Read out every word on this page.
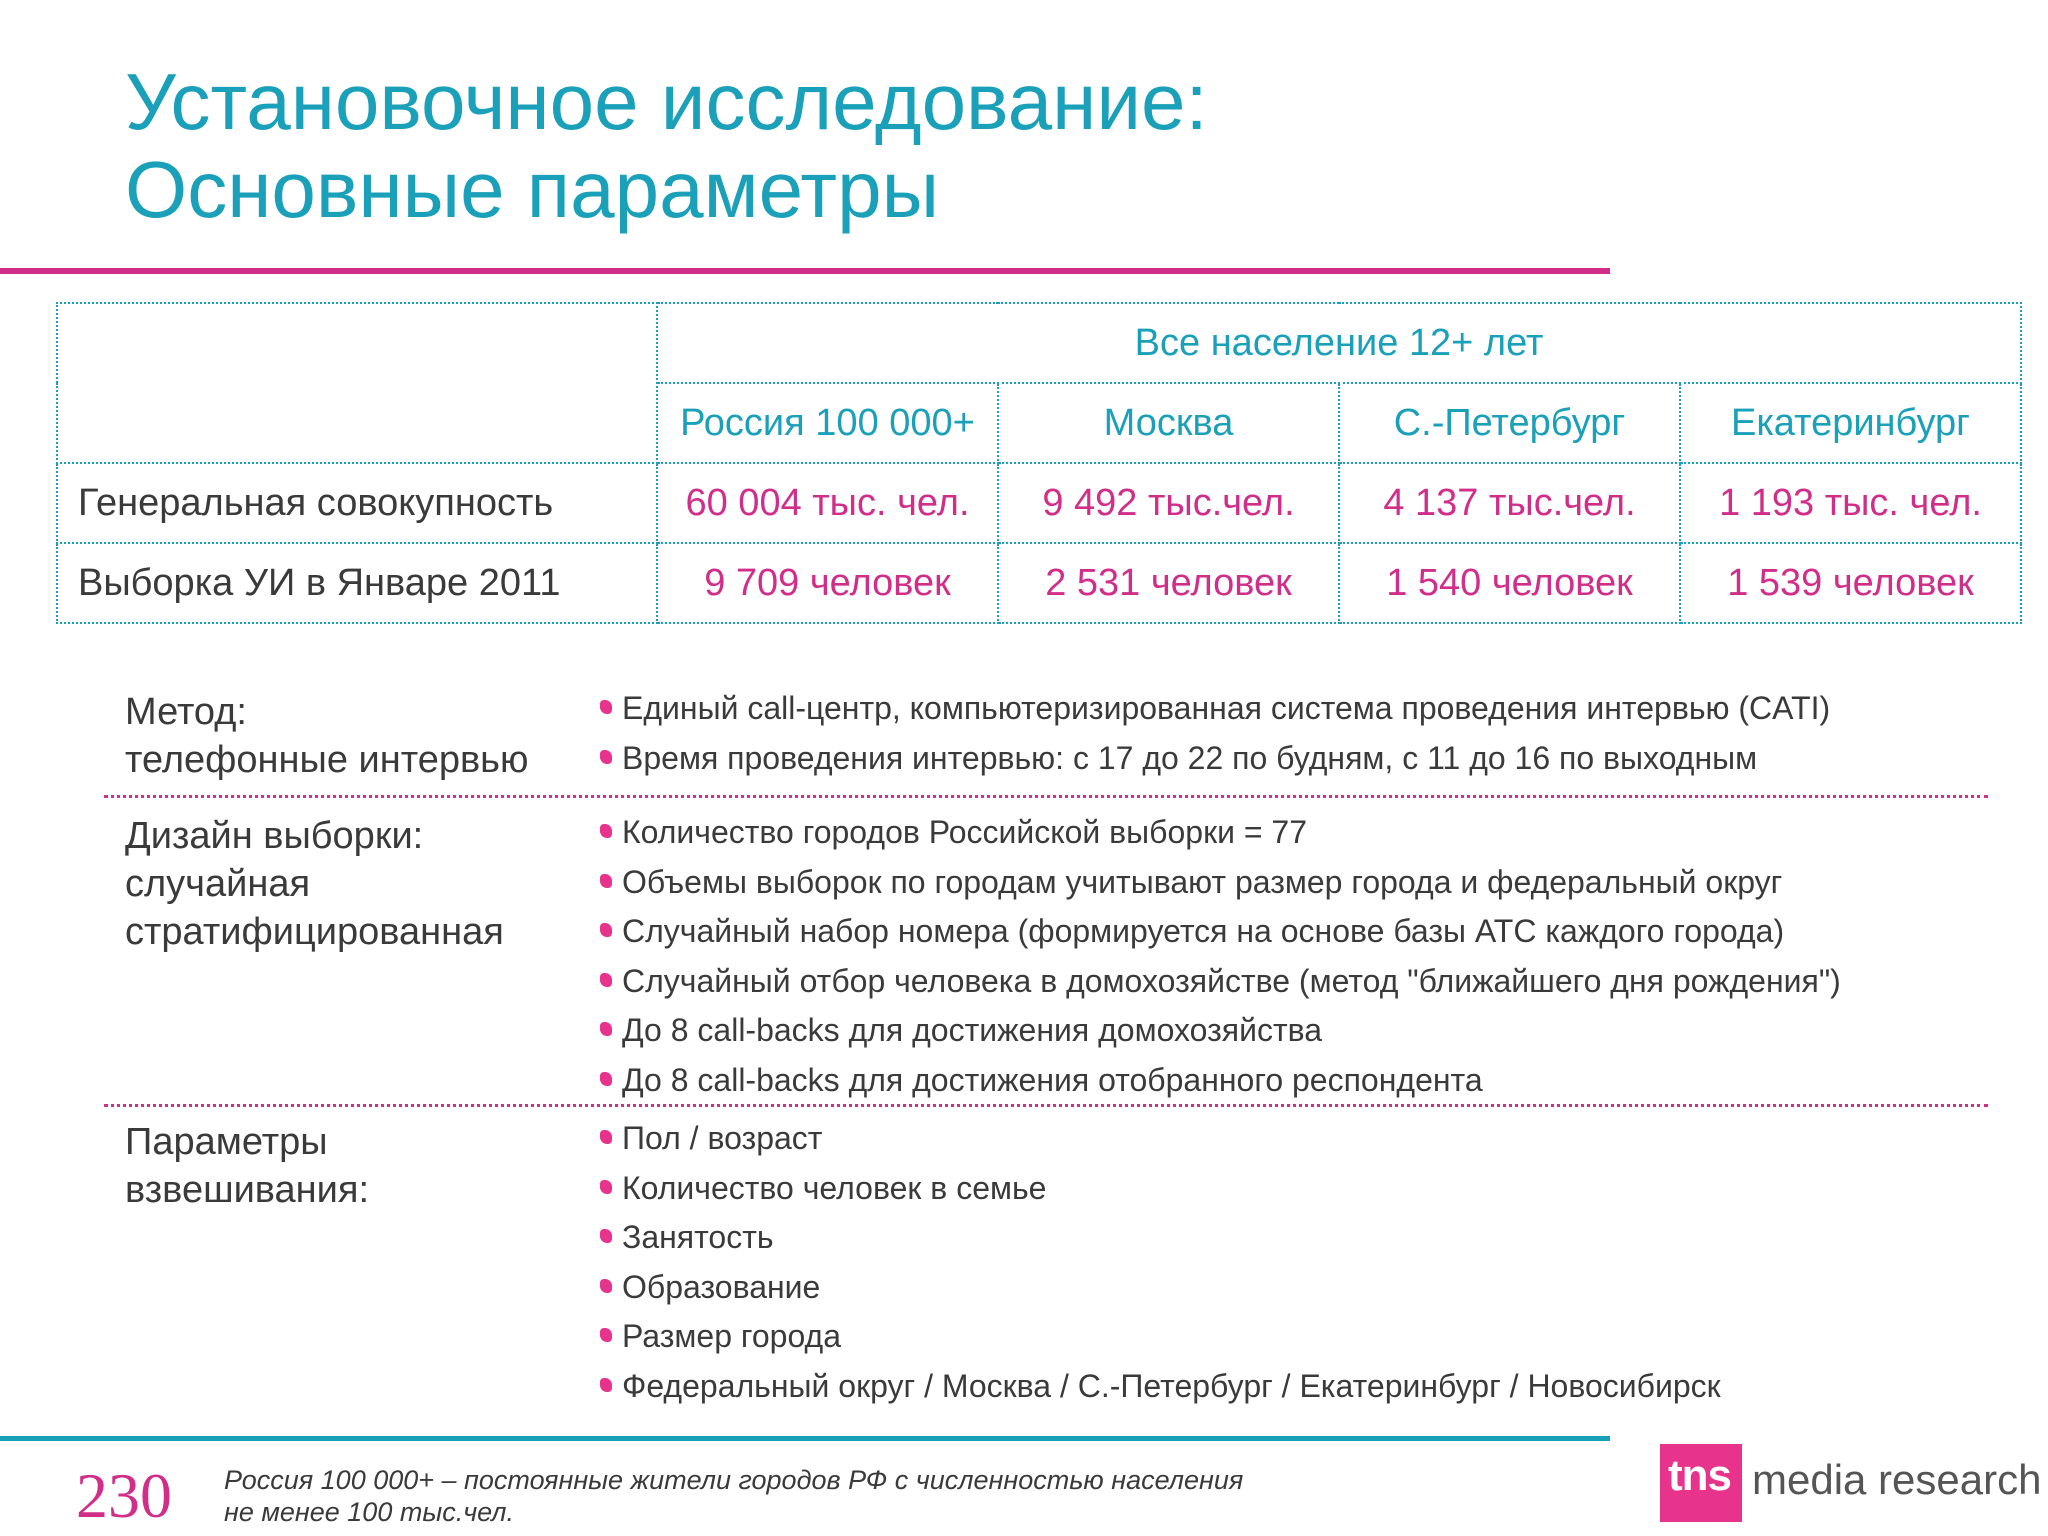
Установочное исследование:
Основные параметры
	Все население 12+ лет			
	Россия 100 000+	Москва	С.-Петербург	Екатеринбург
Генеральная совокупность	60 004 тыс. чел.	9 492 тыс.чел.	4 137 тыс.чел.	1 193 тыс. чел.
Выборка УИ в Январе 2011	9 709 человек	2 531 человек	1 540 человек	1 539 человек
Метод:
телефонные интервью
Единый call-центр, компьютеризированная система проведения интервью (CATI)
Время проведения интервью: с 17 до 22 по будням, с 11 до 16 по выходным
Дизайн выборки:
случайная
стратифицированная
Количество городов Российской выборки = 77
Объемы выборок по городам учитывают размер города и федеральный округ
Случайный набор номера (формируется на основе базы АТС каждого города)
Случайный отбор человека в домохозяйстве (метод "ближайшего дня рождения")
До 8 call-backs для достижения домохозяйства
До 8 call-backs для достижения отобранного респондента
Параметры
взвешивания:
Пол / возраст
Количество человек в семье
Занятость
Образование
Размер города
Федеральный округ / Москва / С.-Петербург / Екатеринбург / Новосибирск
230 Россия 100 000+ – постоянные жители городов РФ с численностью населения
не менее 100 тыс.чел.
tns media research
